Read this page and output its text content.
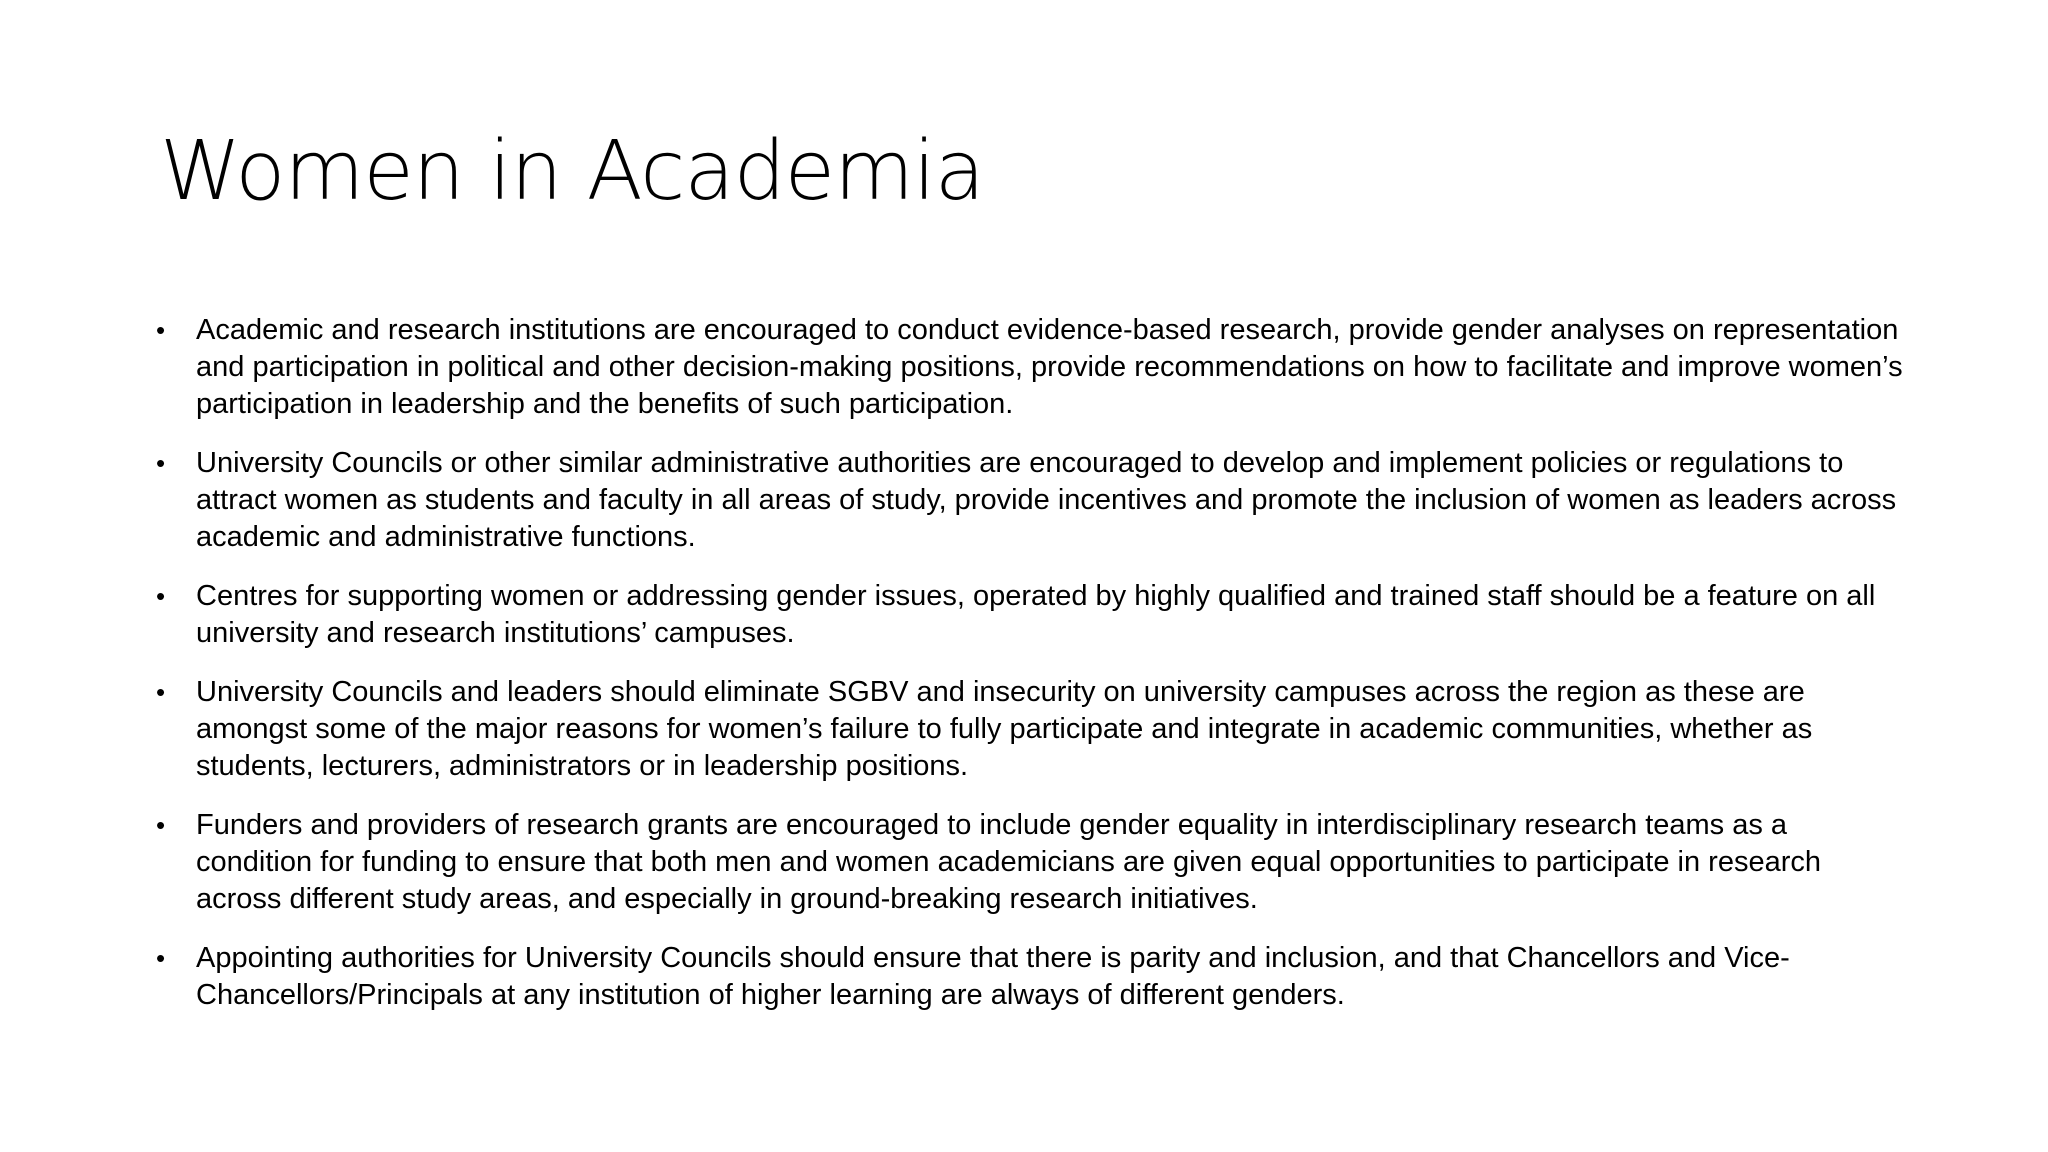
Women in Academia
• Academic and research institutions are encouraged to conduct evidence-based research, provide gender analyses on representation and participation in political and other decision-making positions, provide recommendations on how to facilitate and improve women’s participation in leadership and the benefits of such participation.
• University Councils or other similar administrative authorities are encouraged to develop and implement policies or regulations to attract women as students and faculty in all areas of study, provide incentives and promote the inclusion of women as leaders across academic and administrative functions.
• Centres for supporting women or addressing gender issues, operated by highly qualified and trained staff should be a feature on all university and research institutions’ campuses.
• University Councils and leaders should eliminate SGBV and insecurity on university campuses across the region as these are amongst some of the major reasons for women’s failure to fully participate and integrate in academic communities, whether as students, lecturers, administrators or in leadership positions.
• Funders and providers of research grants are encouraged to include gender equality in interdisciplinary research teams as a condition for funding to ensure that both men and women academicians are given equal opportunities to participate in research across different study areas, and especially in ground-breaking research initiatives.
• Appointing authorities for University Councils should ensure that there is parity and inclusion, and that Chancellors and Vice-Chancellors/Principals at any institution of higher learning are always of different genders.
